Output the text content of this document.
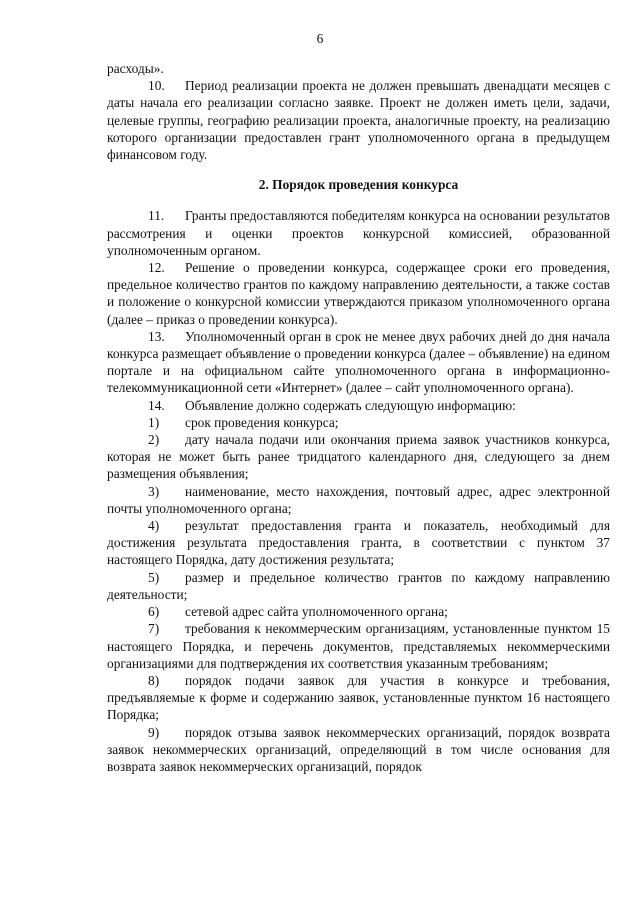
6

расходы».

10. Период реализации проекта не должен превышать двенадцати месяцев с даты начала его реализации согласно заявке. Проект не должен иметь цели, задачи, целевые группы, географию реализации проекта, аналогичные проекту, на реализацию которого организации предоставлен грант уполномоченного органа в предыдущем финансовом году.

2. Порядок проведения конкурса

11. Гранты предоставляются победителям конкурса на основании результатов рассмотрения и оценки проектов конкурсной комиссией, образованной уполномоченным органом.

12. Решение о проведении конкурса, содержащее сроки его проведения, предельное количество грантов по каждому направлению деятельности, а также состав и положение о конкурсной комиссии утверждаются приказом уполномоченного органа (далее – приказ о проведении конкурса).

13. Уполномоченный орган в срок не менее двух рабочих дней до дня начала конкурса размещает объявление о проведении конкурса (далее – объявление) на едином портале и на официальном сайте уполномоченного органа в информационно-телекоммуникационной сети «Интернет» (далее – сайт уполномоченного органа).

14. Объявление должно содержать следующую информацию:

1) срок проведения конкурса;

2) дату начала подачи или окончания приема заявок участников конкурса, которая не может быть ранее тридцатого календарного дня, следующего за днем размещения объявления;

3) наименование, место нахождения, почтовый адрес, адрес электронной почты уполномоченного органа;

4) результат предоставления гранта и показатель, необходимый для достижения результата предоставления гранта, в соответствии с пунктом 37 настоящего Порядка, дату достижения результата;

5) размер и предельное количество грантов по каждому направлению деятельности;

6) сетевой адрес сайта уполномоченного органа;

7) требования к некоммерческим организациям, установленные пунктом 15 настоящего Порядка, и перечень документов, представляемых некоммерческими организациями для подтверждения их соответствия указанным требованиям;

8) порядок подачи заявок для участия в конкурсе и требования, предъявляемые к форме и содержанию заявок, установленные пунктом 16 настоящего Порядка;

9) порядок отзыва заявок некоммерческих организаций, порядок возврата заявок некоммерческих организаций, определяющий в том числе основания для возврата заявок некоммерческих организаций, порядок
